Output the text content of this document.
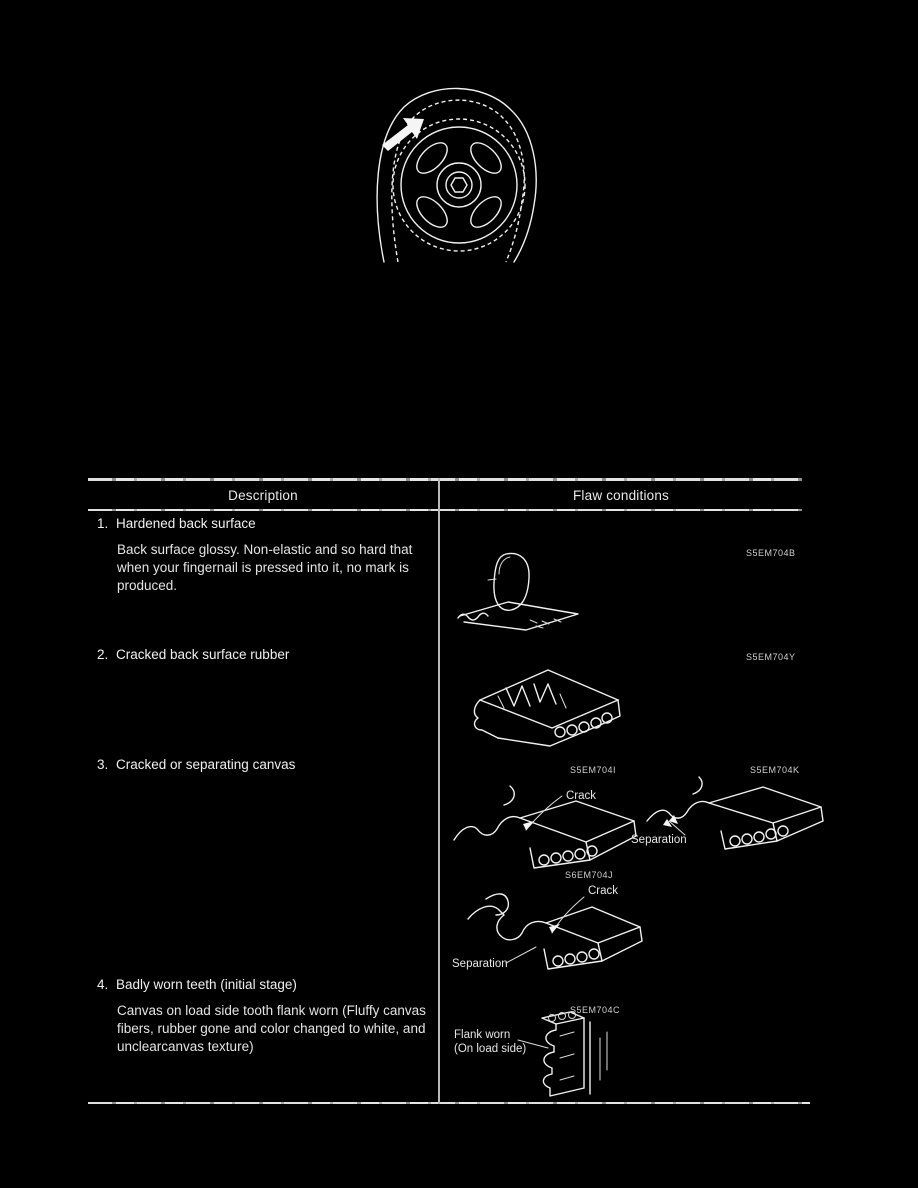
Description	Flaw conditions
1. Hardened back surface
Back surface glossy. Non-elastic and so hard that
when your fingernail is pressed into it, no mark is
produced.
S5EM704B
2. Cracked back surface rubber	S5EM704Y
3. Cracked or separating canvas	S5EM704I	S5EM704K
Crack
Separation
S6EM704J
Crack
Separation
4. Badly worn teeth (initial stage)
Canvas on load side tooth flank worn (Fluffy canvas
fibers, rubber gone and color changed to white, and
unclearcanvas texture)
S5EM704C
Flank worn
(On load side)
